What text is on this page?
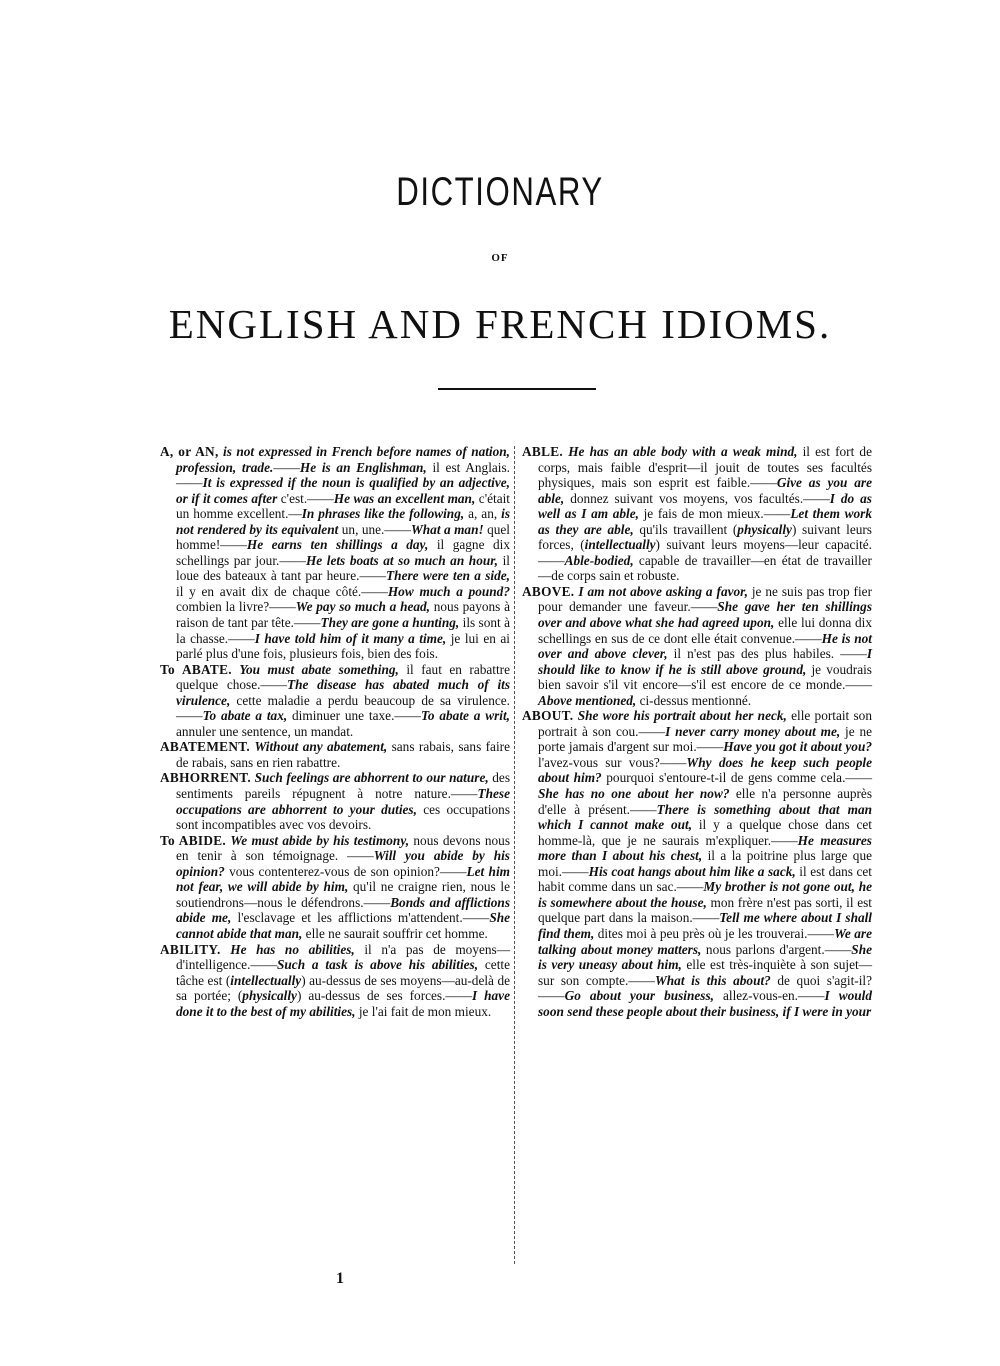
DICTIONARY
OF
ENGLISH AND FRENCH IDIOMS.

A, or AN, is not expressed in French before names of nation, profession, trade.——He is an Englishman, il est Anglais.——It is expressed if the noun is qualified by an adjective, or if it comes after c'est.——He was an excellent man, c'était un homme excellent.—In phrases like the following, a, an, is not rendered by its equivalent un, une.——What a man! quel homme!——He earns ten shillings a day, il gagne dix schellings par jour.——He lets boats at so much an hour, il loue des bateaux à tant par heure.——There were ten a side, il y en avait dix de chaque côté.——How much a pound? combien la livre?——We pay so much a head, nous payons à raison de tant par tête.——They are gone a hunting, ils sont à la chasse.——I have told him of it many a time, je lui en ai parlé plus d'une fois, plusieurs fois, bien des fois.

To ABATE. You must abate something, il faut en rabattre quelque chose.——The disease has abated much of its virulence, cette maladie a perdu beaucoup de sa virulence.——To abate a tax, diminuer une taxe.——To abate a writ, annuler une sentence, un mandat.

ABATEMENT. Without any abatement, sans rabais, sans faire de rabais, sans en rien rabattre.

ABHORRENT. Such feelings are abhorrent to our nature, des sentiments pareils répugnent à notre nature.——These occupations are abhorrent to your duties, ces occupations sont incompatibles avec vos devoirs.

To ABIDE. We must abide by his testimony, nous devons nous en tenir à son témoignage. ——Will you abide by his opinion? vous contenterez-vous de son opinion?——Let him not fear, we will abide by him, qu'il ne craigne rien, nous le soutiendrons—nous le défendrons.——Bonds and afflictions abide me, l'esclavage et les afflictions m'attendent.——She cannot abide that man, elle ne saurait souffrir cet homme.

ABILITY. He has no abilities, il n'a pas de moyens—d'intelligence.——Such a task is above his abilities, cette tâche est (intellectually) au-dessus de ses moyens—au-delà de sa portée; (physically) au-dessus de ses forces.——I have done it to the best of my abilities, je l'ai fait de mon mieux.

ABLE. He has an able body with a weak mind, il est fort de corps, mais faible d'esprit—il jouit de toutes ses facultés physiques, mais son esprit est faible.——Give as you are able, donnez suivant vos moyens, vos facultés.——I do as well as I am able, je fais de mon mieux.——Let them work as they are able, qu'ils travaillent (physically) suivant leurs forces, (intellectually) suivant leurs moyens—leur capacité.——Able-bodied, capable de travailler—en état de travailler—de corps sain et robuste.

ABOVE. I am not above asking a favor, je ne suis pas trop fier pour demander une faveur.——She gave her ten shillings over and above what she had agreed upon, elle lui donna dix schellings en sus de ce dont elle était convenue.——He is not over and above clever, il n'est pas des plus habiles. ——I should like to know if he is still above ground, je voudrais bien savoir s'il vit encore—s'il est encore de ce monde.——Above mentioned, ci-dessus mentionné.

ABOUT. She wore his portrait about her neck, elle portait son portrait à son cou.——I never carry money about me, je ne porte jamais d'argent sur moi.——Have you got it about you? l'avez-vous sur vous?——Why does he keep such people about him? pourquoi s'entoure-t-il de gens comme cela.——She has no one about her now? elle n'a personne auprès d'elle à présent.——There is something about that man which I cannot make out, il y a quelque chose dans cet homme-là, que je ne saurais m'expliquer.——He measures more than I about his chest, il a la poitrine plus large que moi.——His coat hangs about him like a sack, il est dans cet habit comme dans un sac.——My brother is not gone out, he is somewhere about the house, mon frère n'est pas sorti, il est quelque part dans la maison.——Tell me where about I shall find them, dites moi à peu près où je les trouverai.——We are talking about money matters, nous parlons d'argent.——She is very uneasy about him, elle est très-inquiète à son sujet—sur son compte.——What is this about? de quoi s'agit-il?——Go about your business, allez-vous-en.——I would soon send these people about their business, if I were in your

1
